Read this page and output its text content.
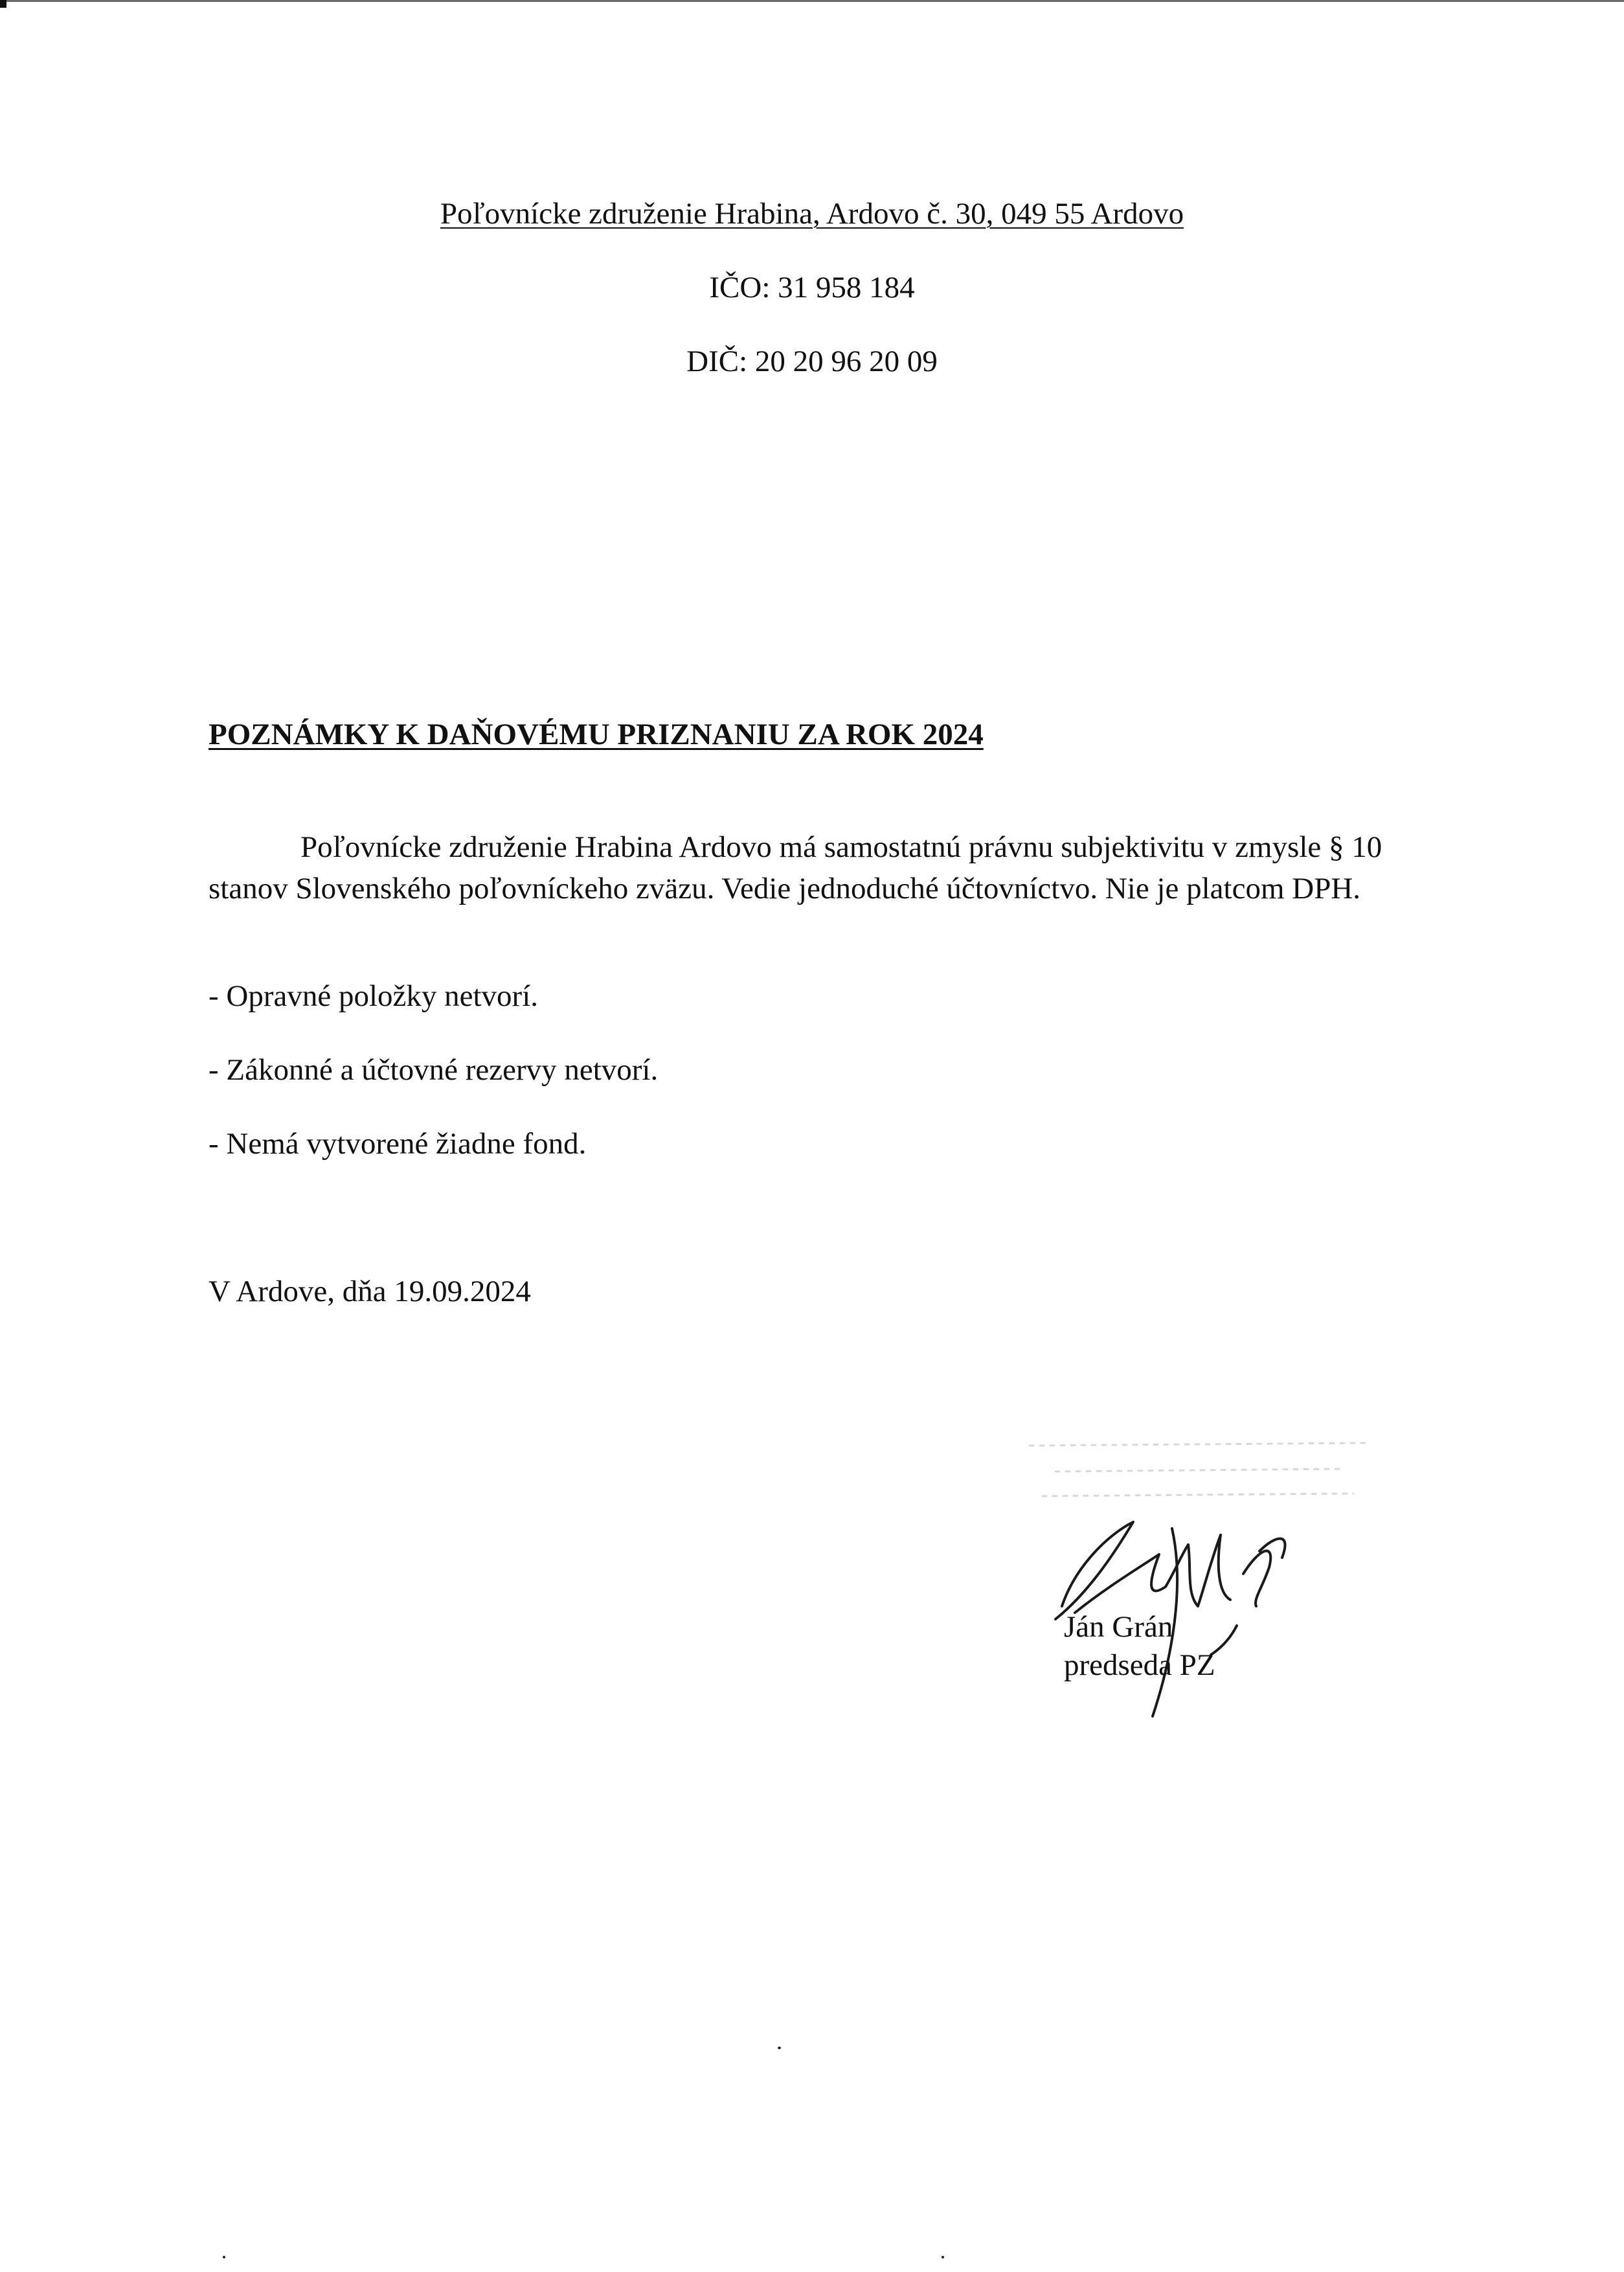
Poľovnícke združenie Hrabina, Ardovo č. 30, 049 55 Ardovo
IČO: 31 958 184
DIČ: 20 20 96 20 09
POZNÁMKY K DAŇOVÉMU PRIZNANIU ZA ROK 2024
Poľovnícke združenie Hrabina Ardovo má samostatnú právnu subjektivitu v zmysle § 10 stanov Slovenského poľovníckeho zväzu. Vedie jednoduché účtovníctvo. Nie je platcom DPH.
- Opravné položky netvorí.
- Zákonné a účtovné rezervy netvorí.
- Nemá vytvorené žiadne fond.
V Ardove, dňa 19.09.2024
Ján Grán
predseda PZ
